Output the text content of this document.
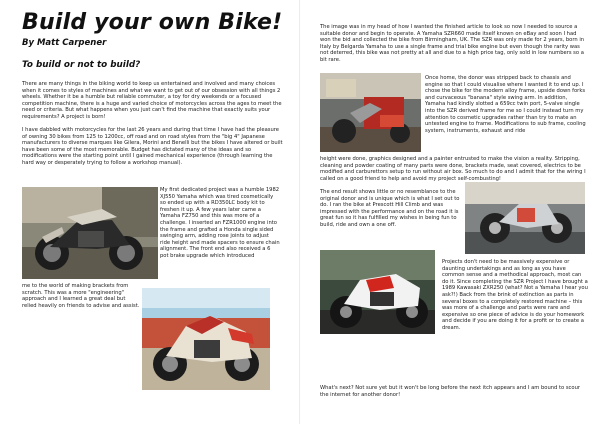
Build your own Bike!

By Matt Carpener

To build or not to build?

There are many things in the biking world to keep us entertained and involved and many choices when it comes to styles of machines and what we want to get out of our obsession with all things 2 wheels. Whether it be a humble but reliable commuter, a toy for dry weekends or a focused competition machine, there is a huge and varied choice of motorcycles across the ages to meet the need or criteria. But what happens when you just can't find the machine that exactly suits your requirements? A project is born!

I have dabbled with motorcycles for the last 26 years and during that time I have had the pleasure of owning 30 bikes from 125 to 1200cc, off road and on road styles from the "big 4" Japanese manufacturers to diverse marques like Gilera, Morini and Benelli but the bikes I have altered or built have been some of the most memorable. Budget has dictated many of the ideas and so modifications were the starting point until I gained mechanical experience (through learning the hard way or desperately trying to follow a workshop manual).

My first dedicated project was a humble 1982 XJ550 Yamaha which was tired cosmetically so ended up with a RD350LC body kit to freshen it up. A few years later came a Yamaha FZ750 and this was more of a challenge. I inserted an FZR1000 engine into the frame and grafted a Honda single sided swinging arm, adding rose joints to adjust ride height and made spacers to ensure chain alignment. The front end also received a 6 pot brake upgrade which introduced

me to the world of making brackets from scratch. This was a more "engineering" approach and I learned a great deal but relied heavily on friends to advise and assist.

The image was in my head of how I wanted the finished article to look so now I needed to source a suitable donor and begin to operate. A Yamaha SZR660 made itself known on eBay and soon I had won the bid and collected the bike from Birmingham, UK. The SZR was only made for 2 years, born in Italy by Belgarda Yamaha to use a single frame and trial bike engine but even though the rarity was not deterred, this bike was not pretty at all and due to a high price tag, only sold in low numbers so a bit rare.

Once home, the donor was stripped back to chassis and engine so that I could visualise where I wanted it to end up. I chose the bike for the modern alloy frame, upside down forks and curvaceous "banana" style swing arm. In addition, Yamaha had kindly slotted a 659cc twin port, 5-valve single into the SZR derived frame for me so I could instead turn my attention to cosmetic upgrades rather than try to mate an untested engine to frame. Modifications to sub frame, cooling system, instruments, exhaust and ride

height were done, graphics designed and a painter entrusted to make the vision a reality. Stripping, cleaning and powder coating of many parts were done, brackets made, seat covered, electrics to be modified and carburettors setup to run without air box. So much to do and I admit that for the wiring I called on a good friend to help and avoid my project self-combusting!

The end result shows little or no resemblance to the original donor and is unique which is what I set out to do. I ran the bike at Prescott Hill Climb and was impressed with the performance and on the road it is great fun so it has fulfilled my wishes in being fun to build, ride and own a one off.

Projects don't need to be massively expensive or daunting undertakings and as long as you have common sense and a methodical approach, most can do it. Since completing the SZR Project I have brought a 1989 Kawasaki ZXR250 (what? Not a Yamaha I hear you ask?!) Back from the brink of extinction as parts in several boxes to a completely restored machine – this was more of a challenge and parts were rare and expensive so one piece of advice is do your homework and decide if you are doing it for a profit or to create a dream.

What's next? Not sure yet but it won't be long before the next itch appears and I am bound to scour the internet for another donor!
